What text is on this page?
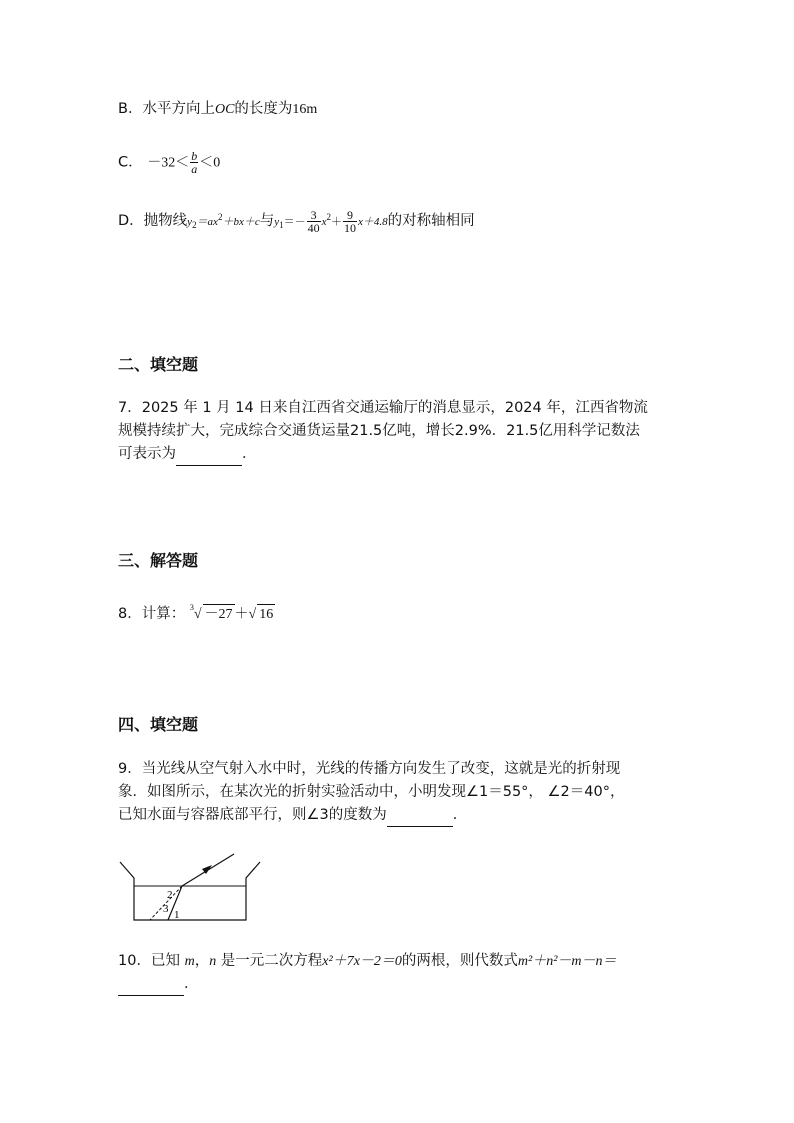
B．水平方向上OC的长度为16m
C． $-32< \frac{b}{a} <0$
D．抛物线$y_2=ax^2+bx+c$与$y_1=- \frac{3}{40} x^2+ \frac{9}{10} x+4.8$的对称轴相同
二、填空题
7．2025 年 1 月 14 日来自江西省交通运输厅的消息显示，2024 年，江西省物流
规模持续扩大，完成综合交通货运量21.5亿吨，增长2.9%．21.5亿用科学记数法
可表示为	．
三、解答题
8．计算： $^3$√ －27 ＋√ 16
四、填空题
9．当光线从空气射入水中时，光线的传播方向发生了改变，这就是光的折射现
象．如图所示，在某次光的折射实验活动中，小明发现∠1＝55°， ∠2＝40°，
已知水面与容器底部平行，则∠3的度数为	．
2
3 1
10．已知 m，n 是一元二次方程x²＋7x－2＝0的两根，则代数式m²＋n²－m－n＝
．
